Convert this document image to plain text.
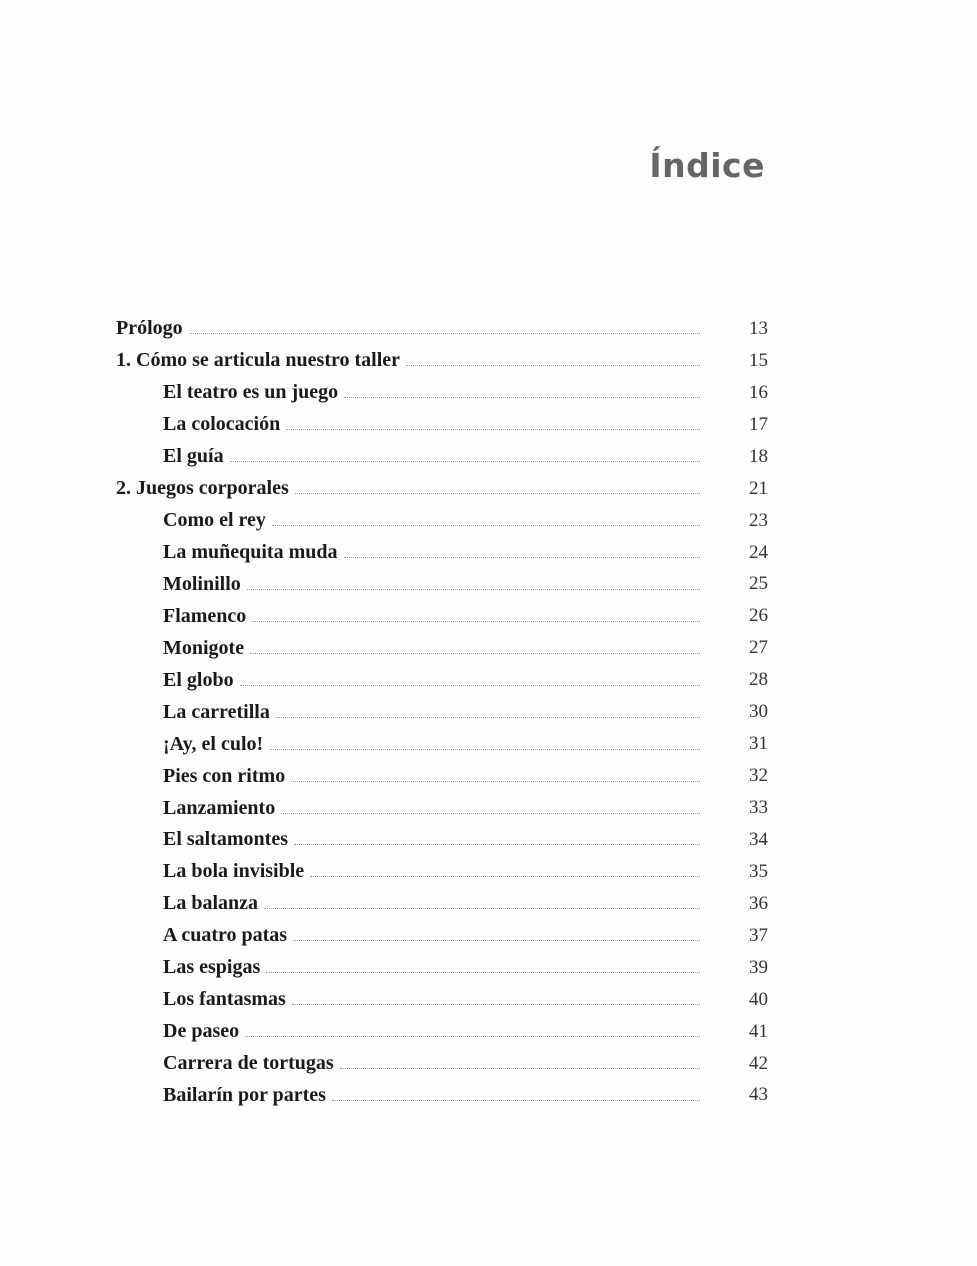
Índice
Prólogo	13
1. Cómo se articula nuestro taller	15
El teatro es un juego	16
La colocación	17
El guía	18
2. Juegos corporales	21
Como el rey	23
La muñequita muda	24
Molinillo	25
Flamenco	26
Monigote	27
El globo	28
La carretilla	30
¡Ay, el culo!	31
Pies con ritmo	32
Lanzamiento	33
El saltamontes	34
La bola invisible	35
La balanza	36
A cuatro patas	37
Las espigas	39
Los fantasmas	40
De paseo	41
Carrera de tortugas	42
Bailarín por partes	43
